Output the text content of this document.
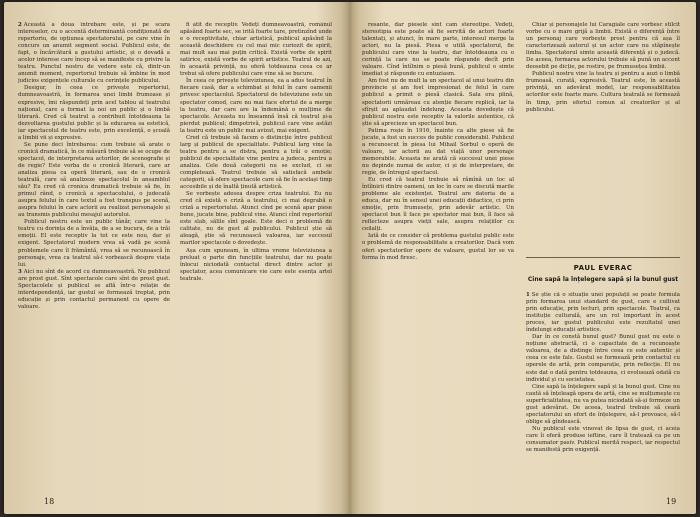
2 Această a doua întrebare este, și pe scara intereselor, cu o accentă determinantă condiționată de repertoriu, de opțiunea spectatorului, pe care vine în concurs un anumit segment social. Publicul este, de fapt, o încărcătură a gustului artistic, și o dovadă a acelor interese care încep să se manifeste cu privire la teatru. Punctul nostru de vedere este că, dintr-un anumit moment, repertoriul trebuie să îmbine în mod judicios exigențele culturale cu cerințele publicului.

Desigur, în ceea ce privește repertoriul, dumneavoastră, în formarea unei limbi frumoase și expresive, îmi răspundeți prin acel tablou al teatrului național, care a format la noi un public și o limbă literară. Cred că teatrul a contribuit întotdeauna la dezvoltarea gustului public și la educarea sa estetică, iar spectacolul de teatru este, prin excelență, o școală a limbii vii și expresive.

Se pune deci întrebarea: cum trebuie să arate o cronică dramatică, în ce măsură trebuie să se ocupe de spectacol, de interpretarea actorilor, de scenografie și de regie? Este vorba de o cronică literară, care ar analiza piesa ca operă literară, sau de o cronică teatrală, care să analizeze spectacolul în ansamblul său? Eu cred că cronica dramatică trebuie să fie, în primul rând, o cronică a spectacolului, o judecată asupra felului în care textul a fost transpus pe scenă, asupra felului în care actorii au realizat personajele și au transmis publicului mesajul autorului.

Publicul nostru este un public tânăr, care vine la teatru cu dorința de a învăța, de a se bucura, de a trăi emoții. El este receptiv la tot ce este nou, dar și exigent. Spectatorul modern vrea să vadă pe scenă problemele care îl frământă, vrea să se recunoască în personaje, vrea ca teatrul să-i vorbească despre viața lui.

3 Aici nu sînt de acord cu dumneavoastră. Nu publicul are prost gust. Sînt spectacole care sînt de prost gust. Spectacolele și publicul se află într-o relație de interdependență, iar gustul se formează treptat, prin educație și prin contactul permanent cu opere de valoare.

fi atît de receptiv. Vedeți dumneavoastră, românul apăsând foarte sec, se irită foarte tare, pretinzînd unde e o receptivitate, chiar artistică, publicul apăsînd la această deschidere cu cel mai mic curiozit de spirit, mai mult sau mai puțin critică. Există vorbe de spirit satirice, există vorbe de spirit artistice. Teatrul de azi, în această privință, nu oferă totdeauna ceea ce ar trebui să ofere publicului care vine să se bucure.

În ceea ce privește televiziunea, ea a adus teatrul în fiecare casă, dar a schimbat și felul în care oamenii privesc spectacolul. Spectatorul de televiziune este un spectator comod, care nu mai face efortul de a merge la teatru, dar care are la îndemână o mulțime de spectacole. Aceasta nu înseamnă însă că teatrul și-a pierdut publicul; dimpotrivă, publicul care vine astăzi la teatru este un public mai avizat, mai exigent.

Cred că trebuie să facem o distincție între publicul larg și publicul de specialitate. Publicul larg vine la teatru pentru a se distra, pentru a trăi o emoție; publicul de specialitate vine pentru a judeca, pentru a analiza. Cele două categorii nu se exclud, ci se completează. Teatrul trebuie să satisfacă ambele categorii, să ofere spectacole care să fie în același timp accesibile și de înaltă ținută artistică.

Se vorbește adesea despre criza teatrului. Eu nu cred că există o criză a teatrului, ci mai degrabă o criză a repertoriului. Atunci cînd pe scenă apar piese bune, jucate bine, publicul vine. Atunci cînd repertoriul este slab, sălile sînt goale. Este deci o problemă de calitate, nu de gust al publicului. Publicul știe să aleagă, știe să recunoască valoarea, iar succesul marilor spectacole o dovedește.

Așa cum spuneam, în ultima vreme televiziunea a preluat o parte din funcțiile teatrului, dar nu poate înlocui niciodată contactul direct dintre actor și spectator, acea comunicare vie care este esența artei teatrale.

18

resante, dar piesele sînt cam stereotipe. Vedeți, stereotipia este poate să fie servită de actori foarte talentați, și atunci, în mare parte, interesul merge la actori, nu la piesă. Piesa e utilă spectatorul, fie publicului care vine la teatru, dar întotdeauna cu o cerință la care nu se poate răspunde decît prin valoare. Cînd întîlnim o piesă bună, publicul o simte imediat și răspunde cu entuziasm.

Am fost nu de mult la un spectacol al unui teatru din provincie și am fost impresionat de felul în care publicul a primit o piesă clasică. Sala era plină, spectatorii urmăreau cu atenție fiecare replică, iar la sfîrșit au aplaudat îndelung. Aceasta dovedește că publicul nostru este receptiv la valorile autentice, că știe să aprecieze un spectacol bun.

Patima roșie în 1916, înainte ca alte piese să fie jucate, a fost un succes de public considerabil. Publicul a recunoscut în piesa lui Mihail Sorbul o operă de valoare, iar actorii au dat viață unor personaje memorabile. Aceasta ne arată că succesul unei piese nu depinde numai de autor, ci și de interpretare, de regie, de întregul spectacol.

Eu cred că teatrul trebuie să rămînă un loc al întîlnirii dintre oameni, un loc în care se discută marile probleme ale existenței. Teatrul are datoria de a educa, dar nu în sensul unei educații didactice, ci prin emoție, prin frumusețe, prin adevăr artistic. Un spectacol bun îl face pe spectator mai bun, îl face să reflecteze asupra vieții sale, asupra relațiilor cu ceilalți.

Iată de ce consider că problema gustului public este o problemă de responsabilitate a creatorilor. Dacă vom oferi spectatorilor opere de valoare, gustul lor se va forma în mod firesc.

Chiar și personajele lui Caragiale care vorbesc stîlcit vorbe cu o mare grijă a limbii. Există o diferență între un personaj care vorbește prost pentru că așa îl caracterizează autorul și un actor care nu stăpînește limba. Spectatorul simte această diferență și o judecă. De aceea, formarea actorului trebuie să pună un accent deosebit pe dicție, pe rostire, pe frumusețea limbii.

Publicul nostru vine la teatru și pentru a auzi o limbă frumoasă, curată, expresivă. Teatrul este, în această privință, un adevărat model, iar responsabilitatea actorilor este foarte mare. Cultura teatrală se formează în timp, prin efortul comun al creatorilor și al publicului.

PAUL EVERAC
Cine sapă la înțelegere sapă și la bunul gust

1 Se știe că o situație unei populații se poate formula prin formarea unui standard de gust, care e cultivat prin educație, prin lecturi, prin spectacole. Teatrul, ca instituție culturală, are un rol important în acest proces, iar gustul publicului este rezultatul unei îndelungi educații artistice.

Dar în ce constă bunul gust? Bunul gust nu este o noțiune abstractă, ci o capacitate de a recunoaște valoarea, de a distinge între ceea ce este autentic și ceea ce este fals. Gustul se formează prin contactul cu operele de artă, prin comparație, prin reflecție. El nu este dat o dată pentru totdeauna, ci evoluează odată cu individul și cu societatea.

Cine sapă la înțelegere sapă și la bunul gust. Cine nu caută să înțeleagă opera de artă, cine se mulțumește cu superficialitatea, nu va putea niciodată să-și formeze un gust adevărat. De aceea, teatrul trebuie să ceară spectatorului un efort de înțelegere, să-l provoace, să-l oblige să gîndească.

Nu publicul este vinovat de lipsa de gust, ci aceia care îi oferă produse ieftine, care îl tratează ca pe un consumator pasiv. Publicul merită respect, iar respectul se manifestă prin exigență.

19
